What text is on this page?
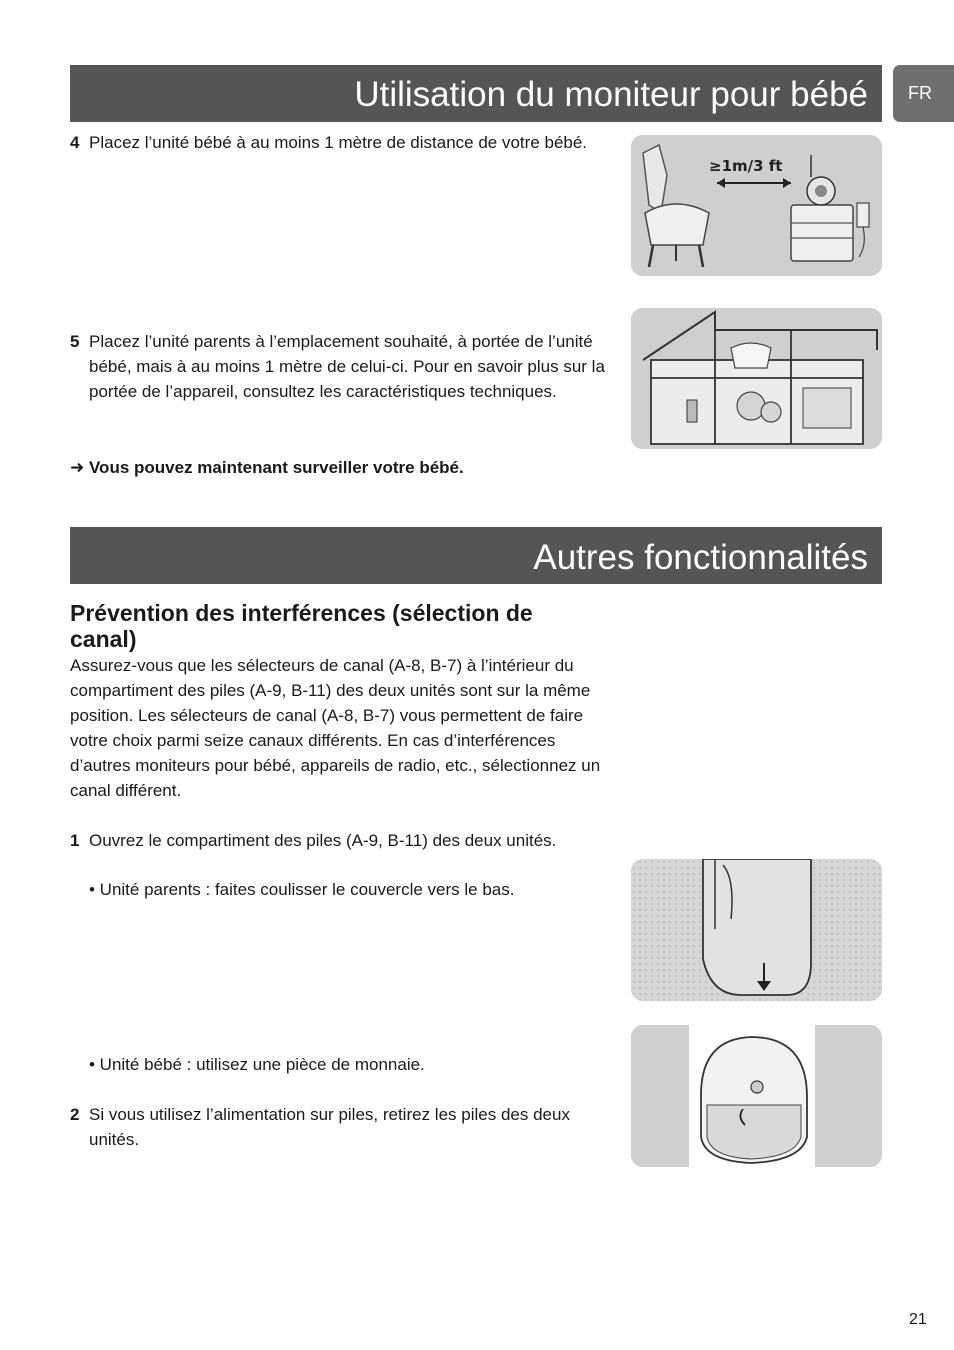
Utilisation du moniteur pour bébé	FR
4 Placez l’unité bébé à au moins 1 mètre de distance de votre bébé.
≥1m/3 ft
5 Placez l’unité parents à l’emplacement souhaité, à portée de l’unité bébé, mais à au moins 1 mètre de celui-ci. Pour en savoir plus sur la portée de l’appareil, consultez les caractéristiques techniques.
➜ Vous pouvez maintenant surveiller votre bébé.
Autres fonctionnalités
Prévention des interférences (sélection de canal)
Assurez-vous que les sélecteurs de canal (A-8, B-7) à l’intérieur du compartiment des piles (A-9, B-11) des deux unités sont sur la même position. Les sélecteurs de canal (A-8, B-7) vous permettent de faire votre choix parmi seize canaux différents. En cas d’interférences d’autres moniteurs pour bébé, appareils de radio, etc., sélectionnez un canal différent.
1 Ouvrez le compartiment des piles (A-9, B-11) des deux unités.
• Unité parents : faites coulisser le couvercle vers le bas.
• Unité bébé : utilisez une pièce de monnaie.
2 Si vous utilisez l’alimentation sur piles, retirez les piles des deux unités.
21
